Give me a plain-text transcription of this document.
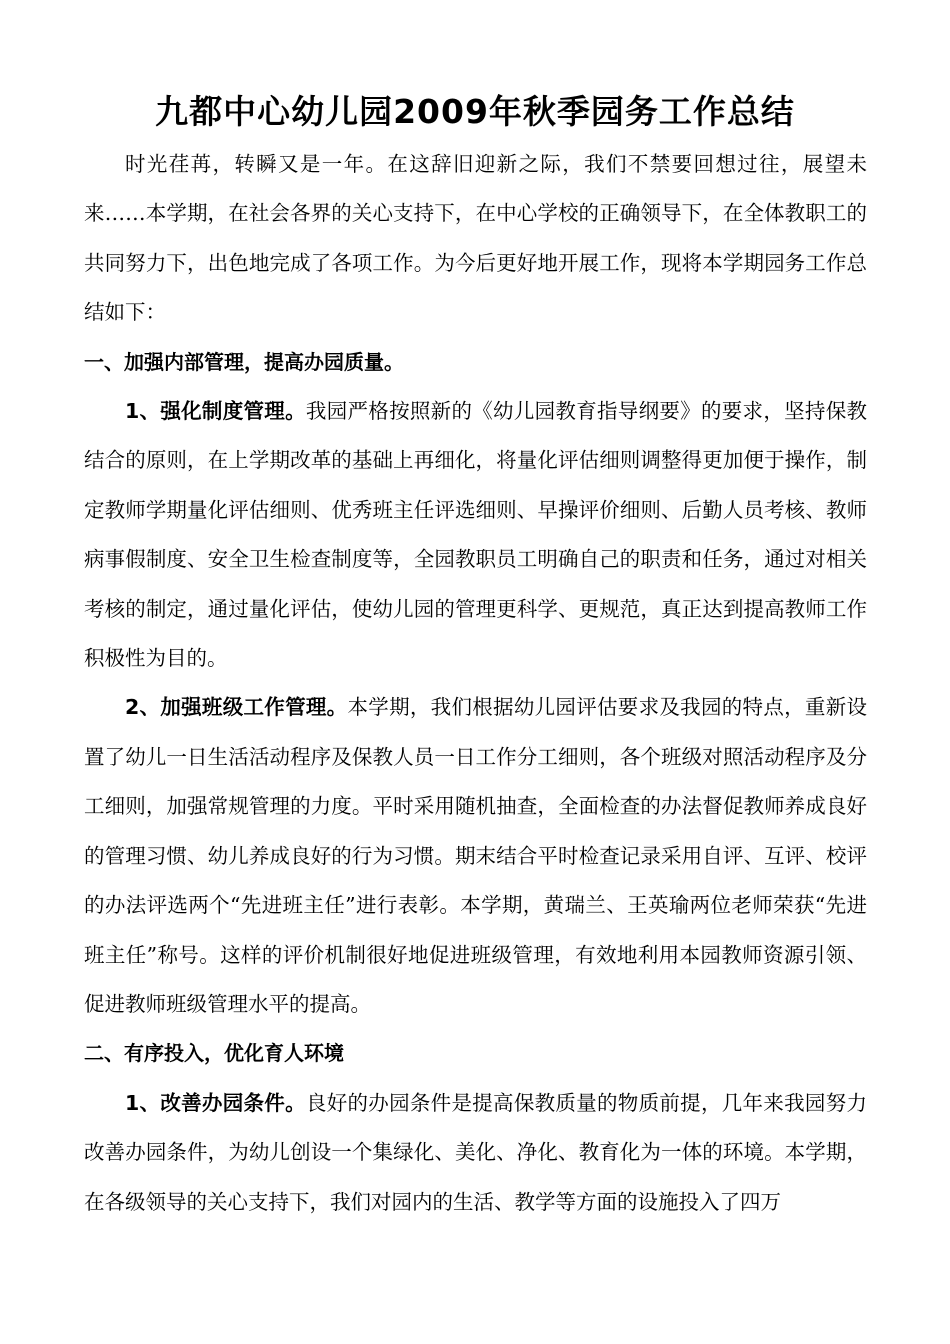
九都中心幼儿园2009年秋季园务工作总结

时光荏苒，转瞬又是一年。在这辞旧迎新之际，我们不禁要回想过往，展望未来……本学期，在社会各界的关心支持下，在中心学校的正确领导下，在全体教职工的共同努力下，出色地完成了各项工作。为今后更好地开展工作，现将本学期园务工作总结如下：

一、加强内部管理，提高办园质量。

1、强化制度管理。我园严格按照新的《幼儿园教育指导纲要》的要求，坚持保教结合的原则，在上学期改革的基础上再细化，将量化评估细则调整得更加便于操作，制定教师学期量化评估细则、优秀班主任评选细则、早操评价细则、后勤人员考核、教师病事假制度、安全卫生检查制度等，全园教职员工明确自己的职责和任务，通过对相关考核的制定，通过量化评估，使幼儿园的管理更科学、更规范，真正达到提高教师工作积极性为目的。

2、加强班级工作管理。本学期，我们根据幼儿园评估要求及我园的特点，重新设置了幼儿一日生活活动程序及保教人员一日工作分工细则，各个班级对照活动程序及分工细则，加强常规管理的力度。平时采用随机抽查，全面检查的办法督促教师养成良好的管理习惯、幼儿养成良好的行为习惯。期末结合平时检查记录采用自评、互评、校评的办法评选两个“先进班主任”进行表彰。本学期，黄瑞兰、王英瑜两位老师荣获“先进班主任”称号。这样的评价机制很好地促进班级管理，有效地利用本园教师资源引领、促进教师班级管理水平的提高。

二、有序投入，优化育人环境

1、改善办园条件。良好的办园条件是提高保教质量的物质前提，几年来我园努力改善办园条件，为幼儿创设一个集绿化、美化、净化、教育化为一体的环境。本学期，在各级领导的关心支持下，我们对园内的生活、教学等方面的设施投入了四万
